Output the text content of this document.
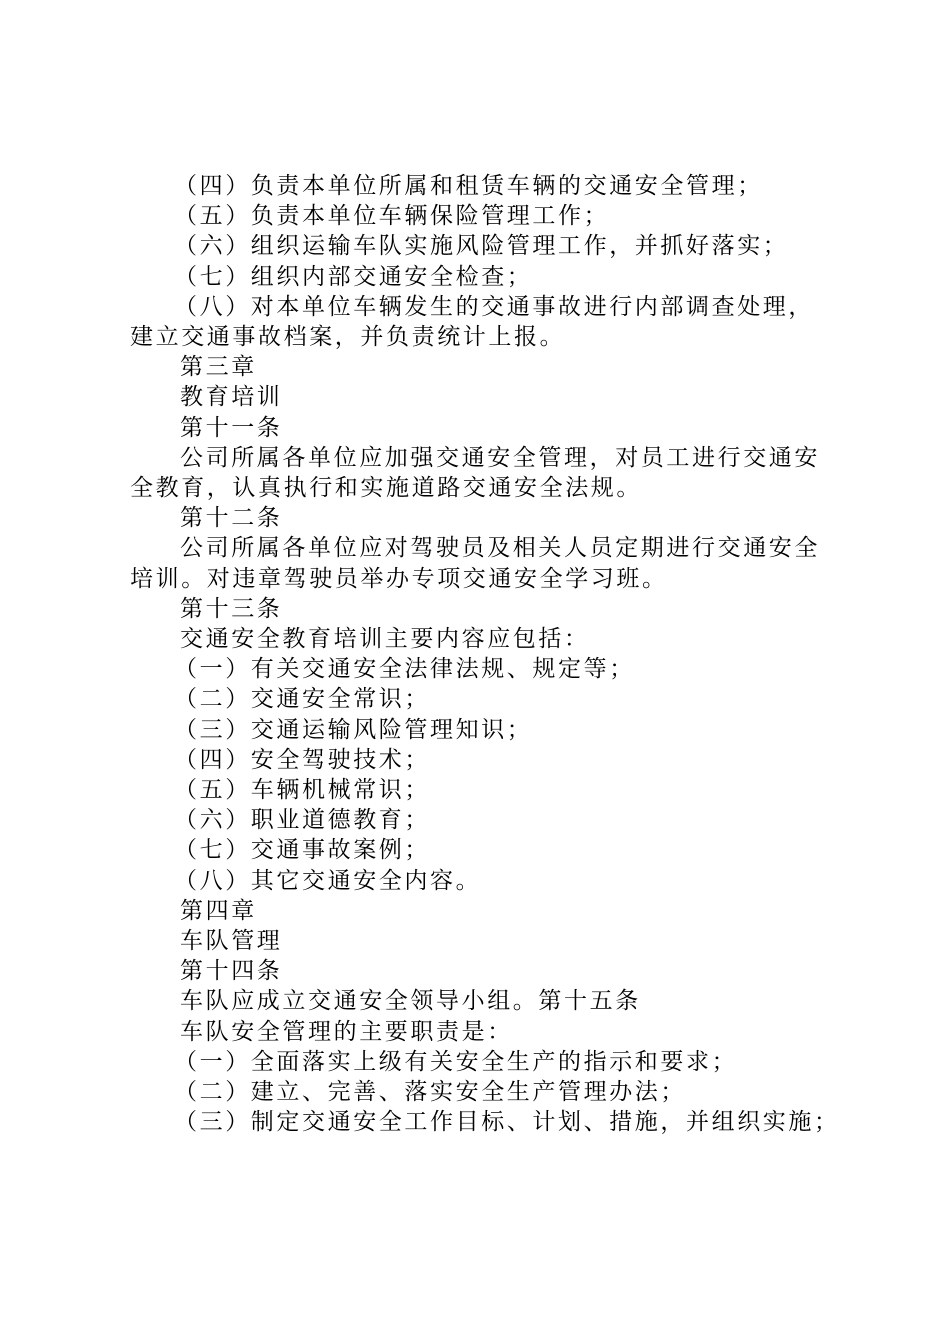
（四）负责本单位所属和租赁车辆的交通安全管理；

（五）负责本单位车辆保险管理工作；

（六）组织运输车队实施风险管理工作，并抓好落实；

（七）组织内部交通安全检查；

（八）对本单位车辆发生的交通事故进行内部调查处理，

建立交通事故档案，并负责统计上报。

第三章

教育培训

第十一条

公司所属各单位应加强交通安全管理，对员工进行交通安

全教育，认真执行和实施道路交通安全法规。

第十二条

公司所属各单位应对驾驶员及相关人员定期进行交通安全

培训。对违章驾驶员举办专项交通安全学习班。

第十三条

交通安全教育培训主要内容应包括：

（一）有关交通安全法律法规、规定等；

（二）交通安全常识；

（三）交通运输风险管理知识；

（四）安全驾驶技术；

（五）车辆机械常识；

（六）职业道德教育；

（七）交通事故案例；

（八）其它交通安全内容。

第四章

车队管理

第十四条

车队应成立交通安全领导小组。第十五条

车队安全管理的主要职责是：

（一）全面落实上级有关安全生产的指示和要求；

（二）建立、完善、落实安全生产管理办法；

（三）制定交通安全工作目标、计划、措施，并组织实施；
